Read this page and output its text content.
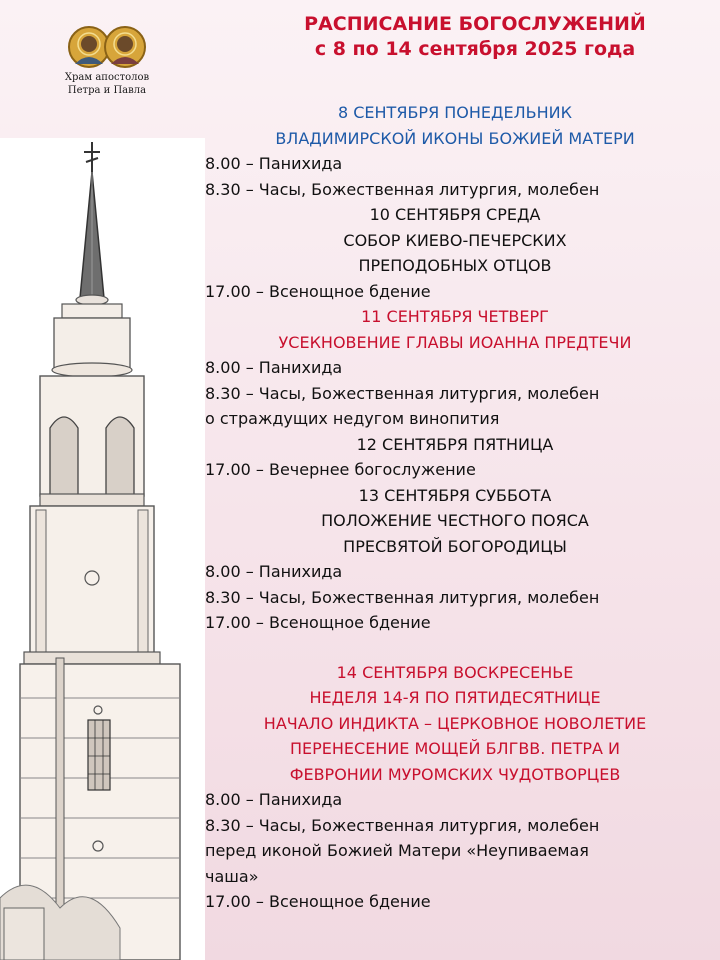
Храм апостолов
Петра и Павла
РАСПИСАНИЕ БОГОСЛУЖЕНИЙ
с 8 по 14 сентября 2025 года
8 СЕНТЯБРЯ ПОНЕДЕЛЬНИК
ВЛАДИМИРСКОЙ ИКОНЫ БОЖИЕЙ МАТЕРИ
8.00 – Панихида
8.30 – Часы, Божественная литургия, молебен
10 СЕНТЯБРЯ СРЕДА
СОБОР КИЕВО-ПЕЧЕРСКИХ
ПРЕПОДОБНЫХ ОТЦОВ
17.00 – Всенощное бдение
11 СЕНТЯБРЯ ЧЕТВЕРГ
УСЕКНОВЕНИЕ ГЛАВЫ ИОАННА ПРЕДТЕЧИ
8.00 – Панихида
8.30 – Часы, Божественная литургия, молебен
о страждущих недугом винопития
12 СЕНТЯБРЯ ПЯТНИЦА
17.00 – Вечернее богослужение
13 СЕНТЯБРЯ СУББОТА
ПОЛОЖЕНИЕ ЧЕСТНОГО ПОЯСА
ПРЕСВЯТОЙ БОГОРОДИЦЫ
8.00 – Панихида
8.30 – Часы, Божественная литургия, молебен
17.00 – Всенощное бдение
14 СЕНТЯБРЯ ВОСКРЕСЕНЬЕ
НЕДЕЛЯ 14-Я ПО ПЯТИДЕСЯТНИЦЕ
НАЧАЛО ИНДИКТА – ЦЕРКОВНОЕ НОВОЛЕТИЕ
ПЕРЕНЕСЕНИЕ МОЩЕЙ БЛГВВ. ПЕТРА И
ФЕВРОНИИ МУРОМСКИХ ЧУДОТВОРЦЕВ
8.00 – Панихида
8.30 – Часы, Божественная литургия, молебен
перед иконой Божией Матери «Неупиваемая
чаша»
17.00 – Всенощное бдение
